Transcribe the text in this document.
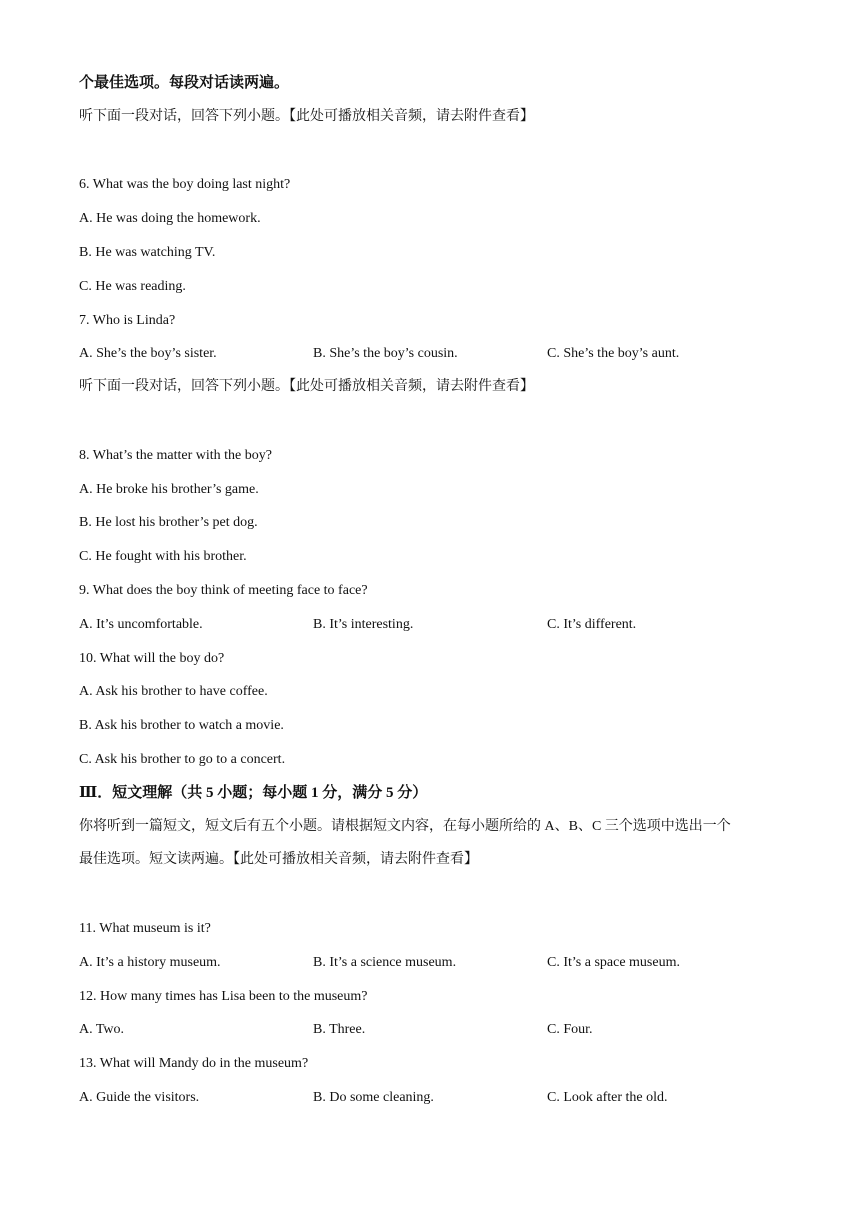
个最佳选项。每段对话读两遍。
听下面一段对话，回答下列小题。【此处可播放相关音频，请去附件查看】
6. What was the boy doing last night?
A. He was doing the homework.
B. He was watching TV.
C. He was reading.
7. Who is Linda?
A. She’s the boy’s sister.	B. She’s the boy’s cousin.	C. She’s the boy’s aunt.
听下面一段对话，回答下列小题。【此处可播放相关音频，请去附件查看】
8. What’s the matter with the boy?
A. He broke his brother’s game.
B. He lost his brother’s pet dog.
C. He fought with his brother.
9. What does the boy think of meeting face to face?
A. It’s uncomfortable.	B. It’s interesting.	C. It’s different.
10. What will the boy do?
A. Ask his brother to have coffee.
B. Ask his brother to watch a movie.
C. Ask his brother to go to a concert.
Ⅲ．短文理解（共 5 小题；每小题 1 分，满分 5 分）
你将听到一篇短文，短文后有五个小题。请根据短文内容，在每小题所给的 A、B、C 三个选项中选出一个
最佳选项。短文读两遍。【此处可播放相关音频，请去附件查看】
11. What museum is it?
A. It’s a history museum.	B. It’s a science museum.	C. It’s a space museum.
12. How many times has Lisa been to the museum?
A. Two.	B. Three.	C. Four.
13. What will Mandy do in the museum?
A. Guide the visitors.	B. Do some cleaning.	C. Look after the old.
